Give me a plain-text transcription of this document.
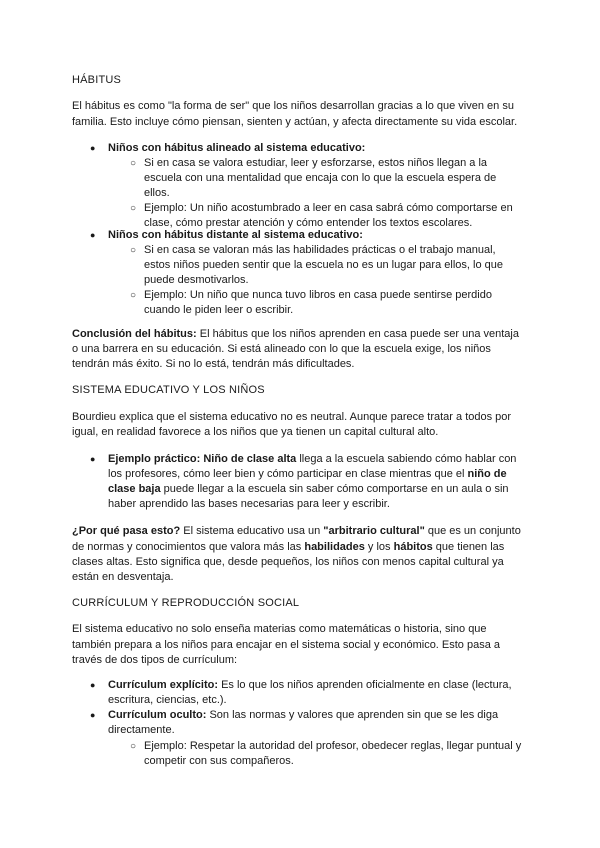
HÁBITUS
El hábitus es como "la forma de ser" que los niños desarrollan gracias a lo que viven en su
familia. Esto incluye cómo piensan, sienten y actúan, y afecta directamente su vida escolar.
● Niños con hábitus alineado al sistema educativo:
○ Si en casa se valora estudiar, leer y esforzarse, estos niños llegan a la
escuela con una mentalidad que encaja con lo que la escuela espera de
ellos.
○ Ejemplo: Un niño acostumbrado a leer en casa sabrá cómo comportarse en
clase, cómo prestar atención y cómo entender los textos escolares.
● Niños con hábitus distante al sistema educativo:
○ Si en casa se valoran más las habilidades prácticas o el trabajo manual,
estos niños pueden sentir que la escuela no es un lugar para ellos, lo que
puede desmotivarlos.
○ Ejemplo: Un niño que nunca tuvo libros en casa puede sentirse perdido
cuando le piden leer o escribir.
Conclusión del hábitus: El hábitus que los niños aprenden en casa puede ser una ventaja
o una barrera en su educación. Si está alineado con lo que la escuela exige, los niños
tendrán más éxito. Si no lo está, tendrán más dificultades.
SISTEMA EDUCATIVO Y LOS NIÑOS
Bourdieu explica que el sistema educativo no es neutral. Aunque parece tratar a todos por
igual, en realidad favorece a los niños que ya tienen un capital cultural alto.
● Ejemplo práctico: Niño de clase alta llega a la escuela sabiendo cómo hablar con
los profesores, cómo leer bien y cómo participar en clase mientras que el niño de
clase baja puede llegar a la escuela sin saber cómo comportarse en un aula o sin
haber aprendido las bases necesarias para leer y escribir.
¿Por qué pasa esto? El sistema educativo usa un "arbitrario cultural" que es un conjunto
de normas y conocimientos que valora más las habilidades y los hábitos que tienen las
clases altas. Esto significa que, desde pequeños, los niños con menos capital cultural ya
están en desventaja.
CURRÍCULUM Y REPRODUCCIÓN SOCIAL
El sistema educativo no solo enseña materias como matemáticas o historia, sino que
también prepara a los niños para encajar en el sistema social y económico. Esto pasa a
través de dos tipos de currículum:
● Currículum explícito: Es lo que los niños aprenden oficialmente en clase (lectura,
escritura, ciencias, etc.).
● Currículum oculto: Son las normas y valores que aprenden sin que se les diga
directamente.
○ Ejemplo: Respetar la autoridad del profesor, obedecer reglas, llegar puntual y
competir con sus compañeros.
